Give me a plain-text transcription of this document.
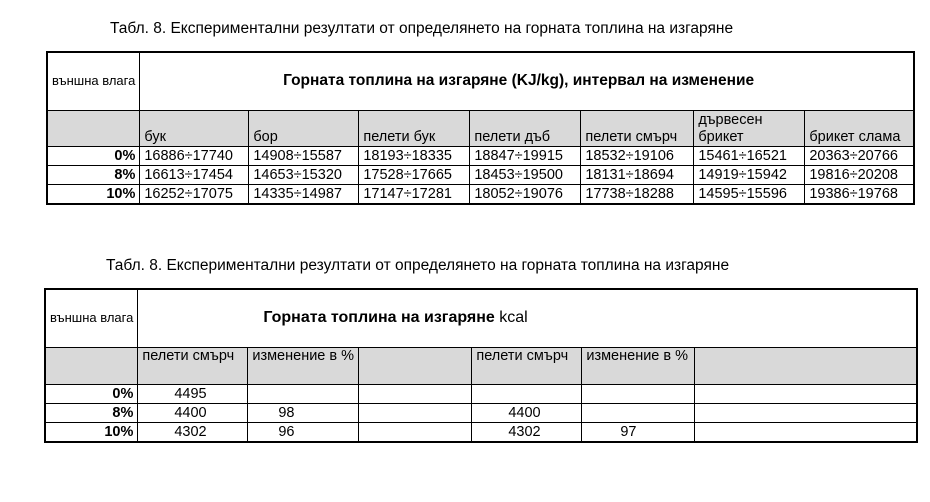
Табл. 8. Експериментални резултати от определянето на горната топлина на изгаряне
външна влага	Горната топлина на изгаряне (KJ/kg), интервал на изменение						
	бук	бор	пелети бук	пелети дъб	пелети смърч	дървесен брикет	брикет слама
0%	16886÷17740	14908÷15587	18193÷18335	18847÷19915	18532÷19106	15461÷16521	20363÷20766
8%	16613÷17454	14653÷15320	17528÷17665	18453÷19500	18131÷18694	14919÷15942	19816÷20208
10%	16252÷17075	14335÷14987	17147÷17281	18052÷19076	17738÷18288	14595÷15596	19386÷19768
Табл. 8. Експериментални резултати от определянето на горната топлина на изгаряне
външна влага	Горната топлина на изгаряне kcal					
	пелети смърч	изменение в %		пелети смърч	изменение в %	
0%	4495					
8%	4400	98		4400		
10%	4302	96		4302	97	
